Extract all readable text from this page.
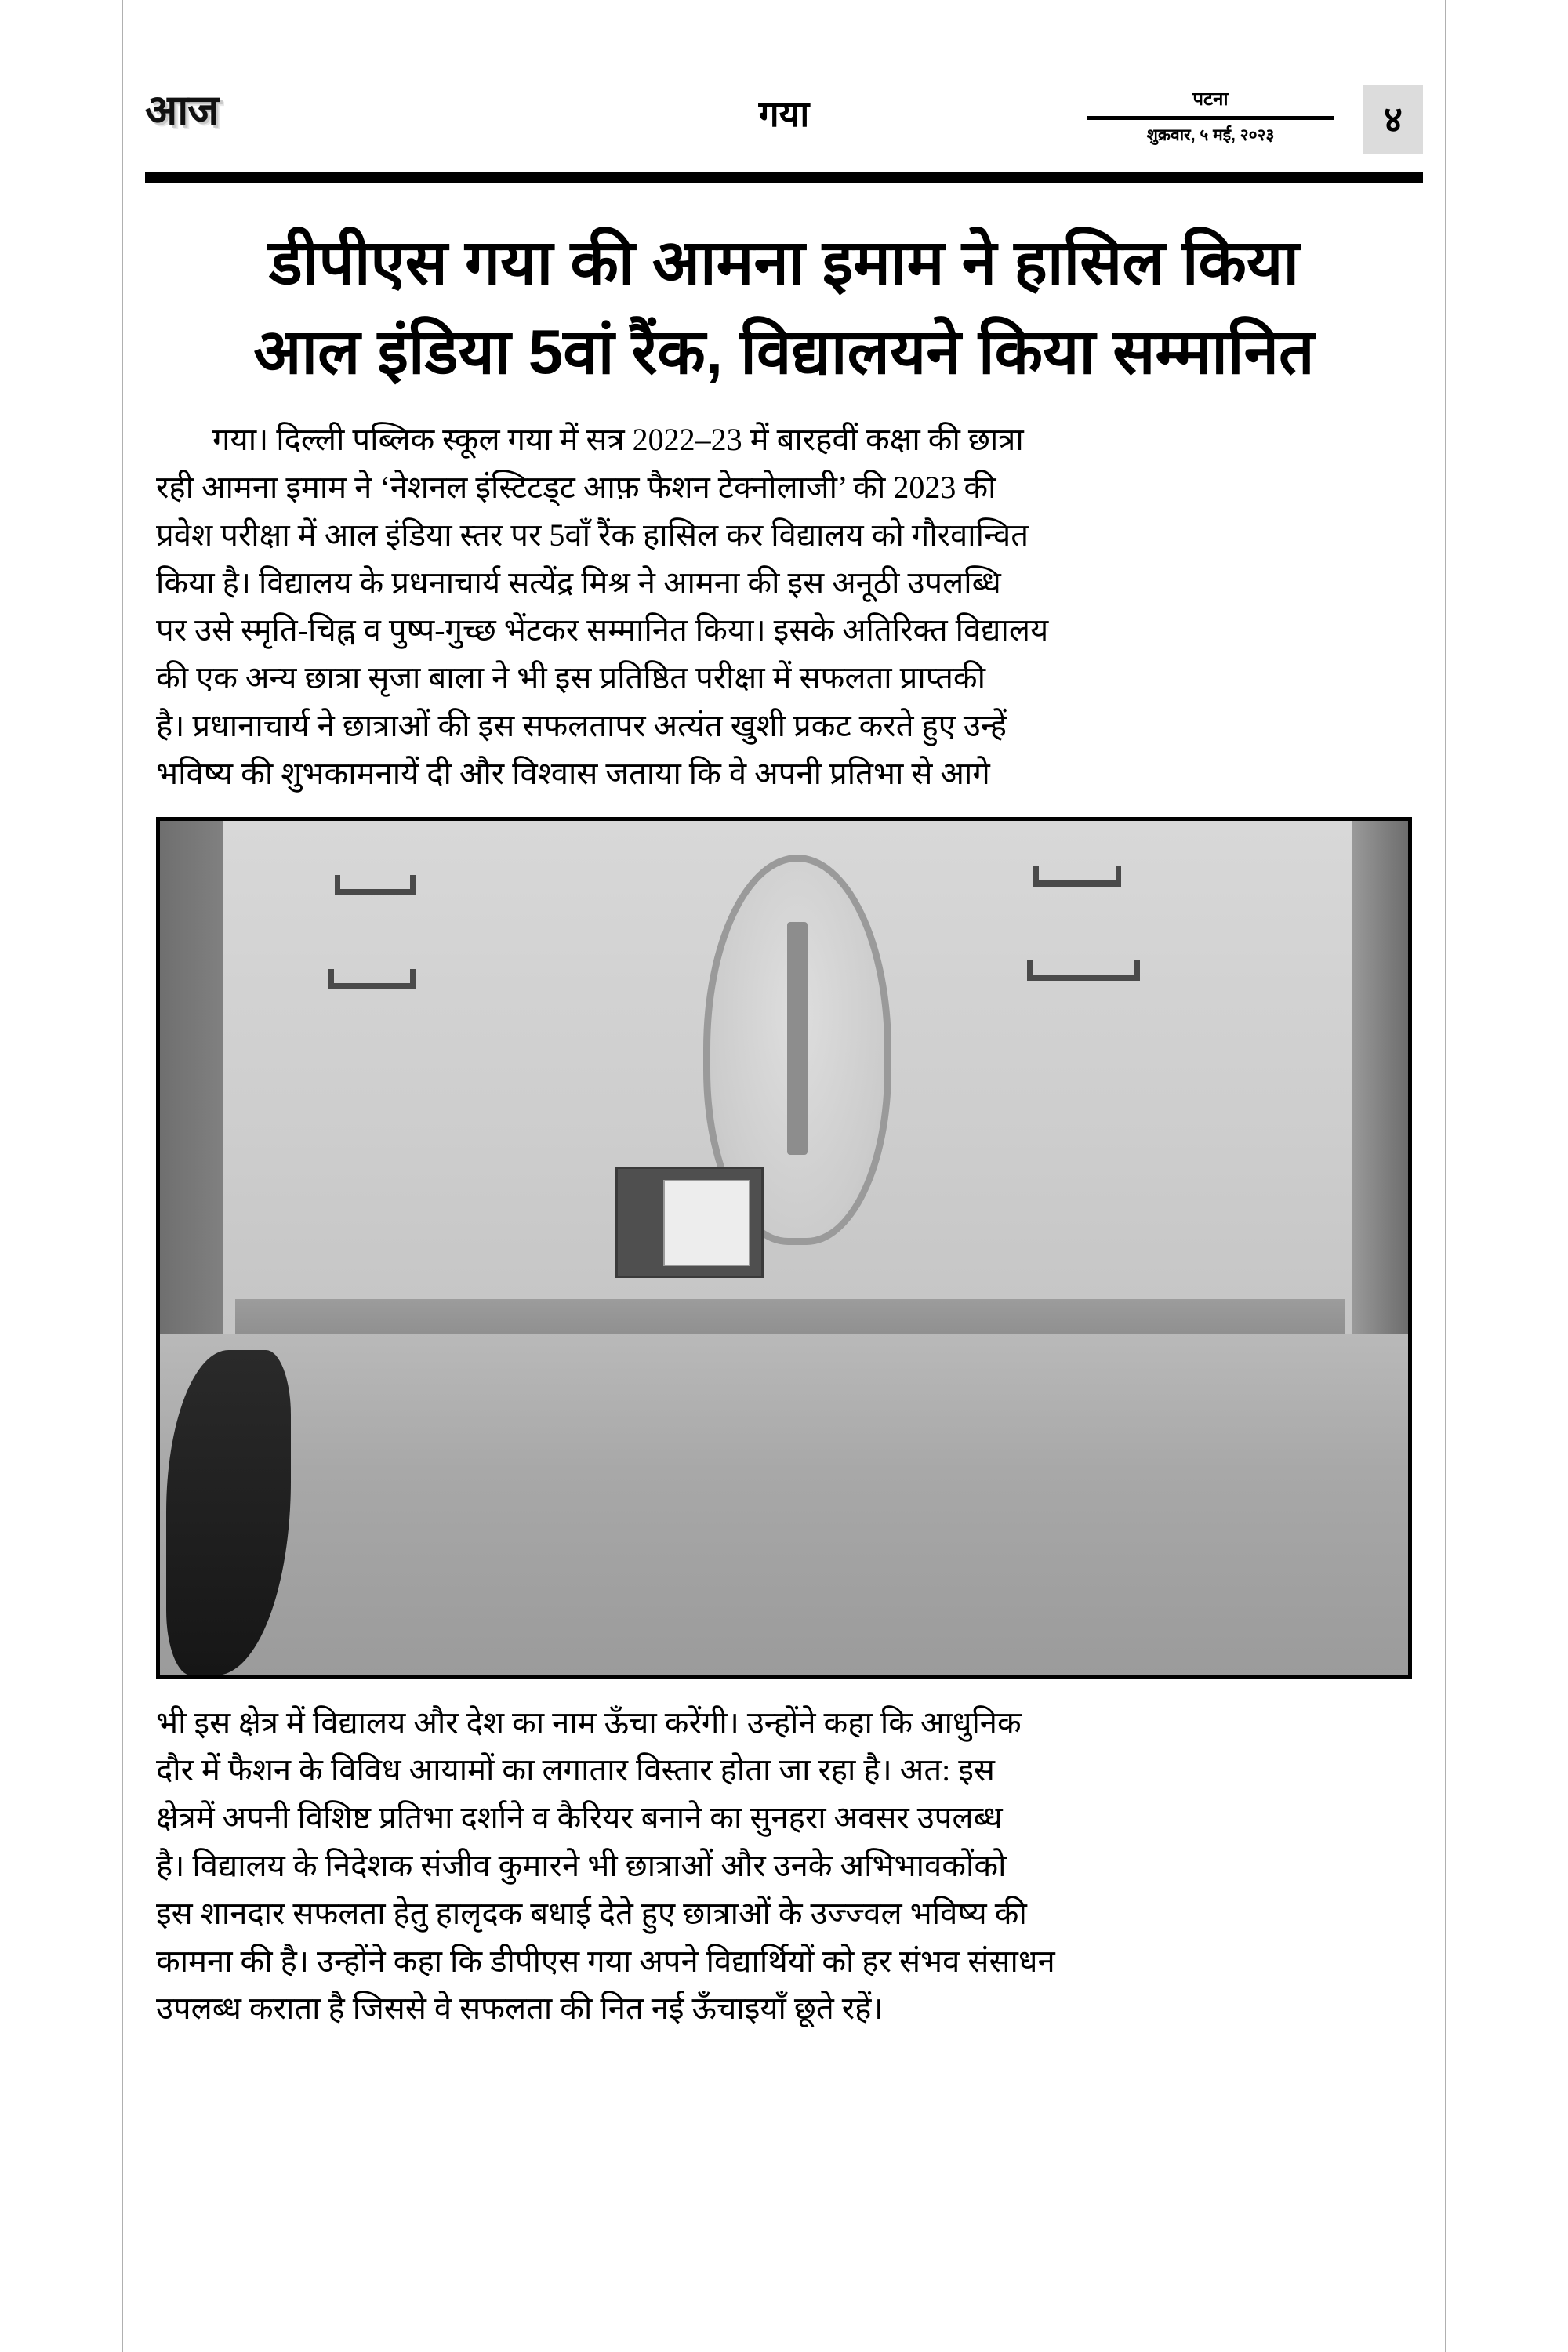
आज	गया	पटना
शुक्रवार, ५ मई, २०२३	४
डीपीएस गया की आमना इमाम ने हासिल किया
आल इंडिया 5वां रैंक, विद्यालयने किया सम्मानित
गया। दिल्ली पब्लिक स्कूल गया में सत्र 2022–23 में बारहवीं कक्षा की छात्रा
रही आमना इमाम ने ‘नेशनल इंस्टिटड्ट आफ़ फैशन टेक्नोलाजी’ की 2023 की
प्रवेश परीक्षा में आल इंडिया स्तर पर 5वाँ रैंक हासिल कर विद्यालय को गौरवान्वित
किया है। विद्यालय के प्रधनाचार्य सत्येंद्र मिश्र ने आमना की इस अनूठी उपलब्धि
पर उसे स्मृति-चिह्न व पुष्प-गुच्छ भेंटकर सम्मानित किया। इसके अतिरिक्त विद्यालय
की एक अन्य छात्रा सृजा बाला ने भी इस प्रतिष्ठित परीक्षा में सफलता प्राप्तकी
है। प्रधानाचार्य ने छात्राओं की इस सफलतापर अत्यंत खुशी प्रकट करते हुए उन्हें
भविष्य की शुभकामनायें दी और विश्वास जताया कि वे अपनी प्रतिभा से आगे
भी इस क्षेत्र में विद्यालय और देश का नाम ऊँचा करेंगी। उन्होंने कहा कि आधुनिक
दौर में फैशन के विविध आयामों का लगातार विस्तार होता जा रहा है। अत: इस
क्षेत्रमें अपनी विशिष्ट प्रतिभा दर्शाने व कैरियर बनाने का सुनहरा अवसर उपलब्ध
है। विद्यालय के निदेशक संजीव कुमारने भी छात्राओं और उनके अभिभावकोंको
इस शानदार सफलता हेतु हालृदक बधाई देते हुए छात्राओं के उज्ज्वल भविष्य की
कामना की है। उन्होंने कहा कि डीपीएस गया अपने विद्यार्थियों को हर संभव संसाधन
उपलब्ध कराता है जिससे वे सफलता की नित नई ऊँचाइयाँ छूते रहें।
